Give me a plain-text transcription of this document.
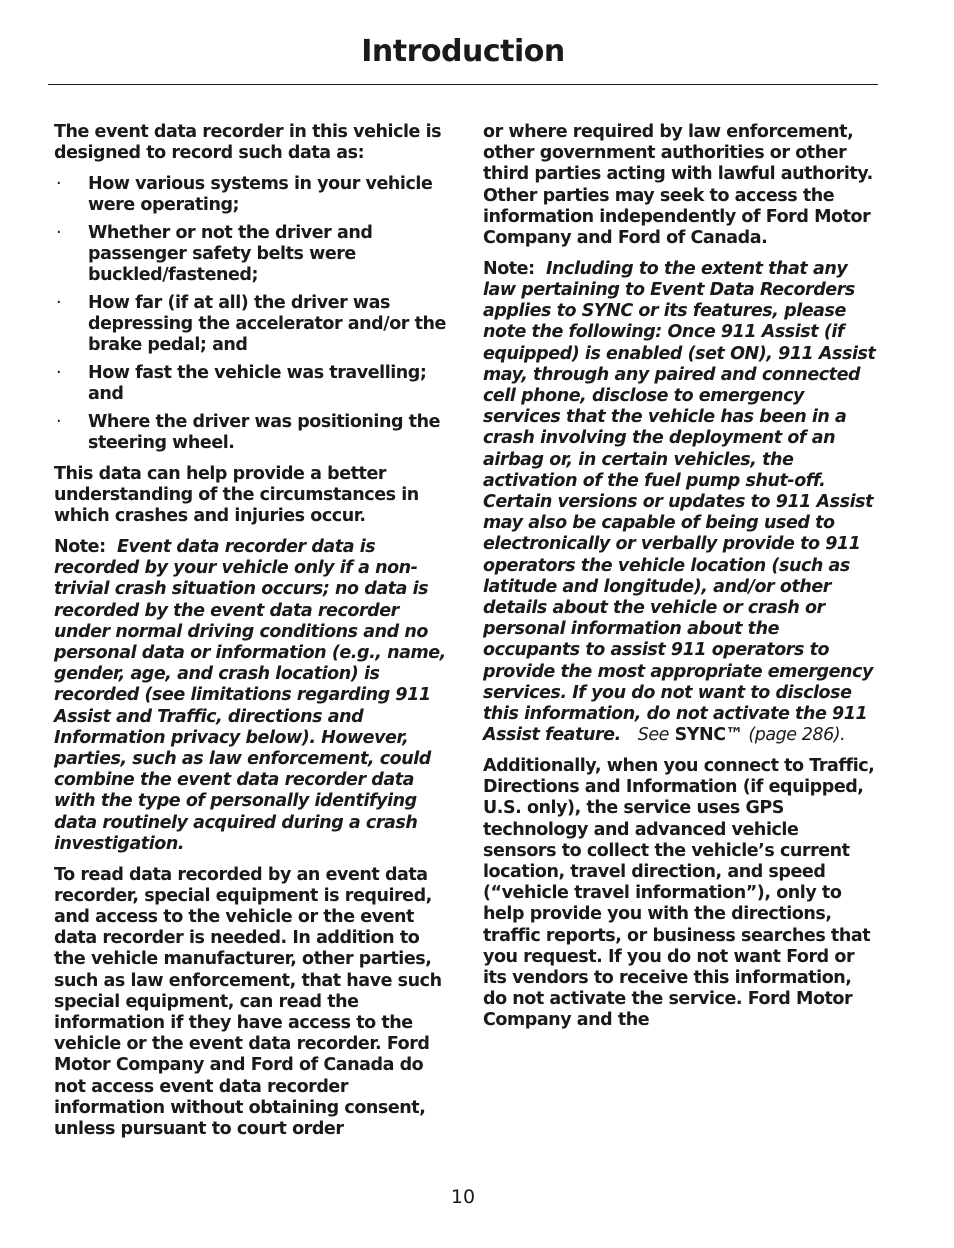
Introduction

The event data recorder in this vehicle is designed to record such data as:

· How various systems in your vehicle were operating;
· Whether or not the driver and passenger safety belts were buckled/fastened;
· How far (if at all) the driver was depressing the accelerator and/or the brake pedal; and
· How fast the vehicle was travelling; and
· Where the driver was positioning the steering wheel.

This data can help provide a better understanding of the circumstances in which crashes and injuries occur.

Note: Event data recorder data is recorded by your vehicle only if a non-trivial crash situation occurs; no data is recorded by the event data recorder under normal driving conditions and no personal data or information (e.g., name, gender, age, and crash location) is recorded (see limitations regarding 911 Assist and Traffic, directions and Information privacy below). However, parties, such as law enforcement, could combine the event data recorder data with the type of personally identifying data routinely acquired during a crash investigation.

To read data recorded by an event data recorder, special equipment is required, and access to the vehicle or the event data recorder is needed. In addition to the vehicle manufacturer, other parties, such as law enforcement, that have such special equipment, can read the information if they have access to the vehicle or the event data recorder. Ford Motor Company and Ford of Canada do not access event data recorder information without obtaining consent, unless pursuant to court order

or where required by law enforcement, other government authorities or other third parties acting with lawful authority. Other parties may seek to access the information independently of Ford Motor Company and Ford of Canada.

Note: Including to the extent that any law pertaining to Event Data Recorders applies to SYNC or its features, please note the following: Once 911 Assist (if equipped) is enabled (set ON), 911 Assist may, through any paired and connected cell phone, disclose to emergency services that the vehicle has been in a crash involving the deployment of an airbag or, in certain vehicles, the activation of the fuel pump shut-off. Certain versions or updates to 911 Assist may also be capable of being used to electronically or verbally provide to 911 operators the vehicle location (such as latitude and longitude), and/or other details about the vehicle or crash or personal information about the occupants to assist 911 operators to provide the most appropriate emergency services. If you do not want to disclose this information, do not activate the 911 Assist feature. See SYNC™ (page 286).

Additionally, when you connect to Traffic, Directions and Information (if equipped, U.S. only), the service uses GPS technology and advanced vehicle sensors to collect the vehicle’s current location, travel direction, and speed (“vehicle travel information”), only to help provide you with the directions, traffic reports, or business searches that you request. If you do not want Ford or its vendors to receive this information, do not activate the service. Ford Motor Company and the

10
